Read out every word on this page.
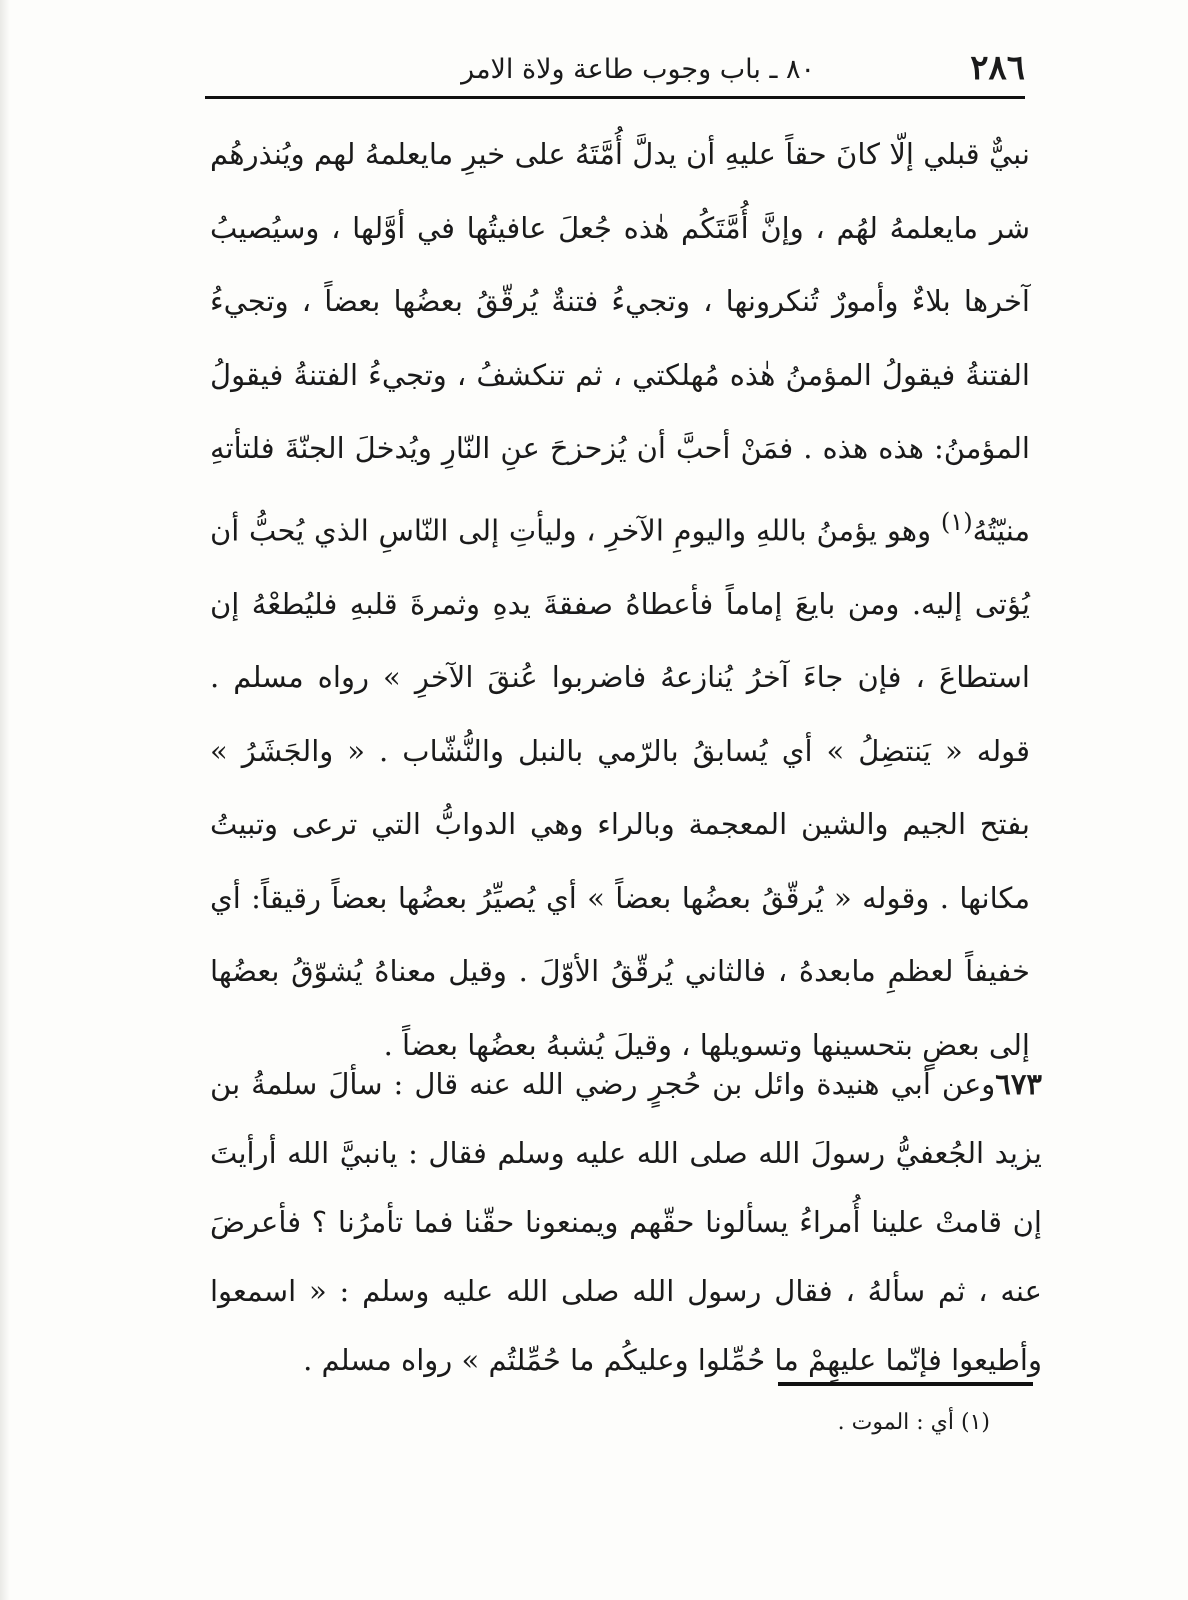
٢٨٦
٨٠ ـ باب وجوب طاعة ولاة الامر

نبيٌّ قبلي إلّا كانَ حقاً عليهِ أن يدلَّ أُمَّتَهُ على خيرِ مايعلمهُ لهم ويُنذرهُم شر مايعلمهُ لهُم ، وإنَّ أُمَّتَكُم هٰذه جُعلَ عافيتُها في أوَّلها ، وسيُصيبُ آخرها بلاءٌ وأمورٌ تُنكرونها ، وتجيءُ فتنةٌ يُرقّقُ بعضُها بعضاً ، وتجيءُ الفتنةُ فيقولُ المؤمنُ هٰذه مُهلكتي ، ثم تنكشفُ ، وتجيءُ الفتنةُ فيقولُ المؤمنُ: هذه هذه . فمَنْ أحبَّ أن يُزحزحَ عنِ النّارِ ويُدخلَ الجنّةَ فلتأتهِ منيّتُهُ$^{(١)}$ وهو يؤمنُ باللهِ واليومِ الآخرِ ، وليأتِ إلى النّاسِ الذي يُحبُّ أن يُؤتى إليه. ومن بايعَ إماماً فأعطاهُ صفقةَ يدهِ وثمرةَ قلبهِ فليُطعْهُ إن استطاعَ ، فإن جاءَ آخرُ يُنازعهُ فاضربوا عُنقَ الآخرِ » رواه مسلم . قوله « يَنتضِلُ » أي يُسابقُ بالرّمي بالنبل والنُّشّاب . « والجَشَرُ » بفتح الجيم والشين المعجمة وبالراء وهي الدوابُّ التي ترعى وتبيتُ مكانها . وقوله « يُرقّقُ بعضُها بعضاً » أي يُصيِّرُ بعضُها بعضاً رقيقاً: أي خفيفاً لعظمِ مابعدهُ ، فالثاني يُرقّقُ الأوّلَ . وقيل معناهُ يُشوّقُ بعضُها إلى بعضٍ بتحسينها وتسويلها ، وقيلَ يُشبهُ بعضُها بعضاً .

٦٧٣وعن أبي هنيدة وائل بن حُجرٍ رضي الله عنه قال : سألَ سلمةُ بن يزيد الجُعفيُّ رسولَ الله صلى الله عليه وسلم فقال : يانبيَّ الله أرأيتَ إن قامتْ علينا أُمراءُ يسألونا حقّهم ويمنعونا حقّنا فما تأمرُنا ؟ فأعرضَ عنه ، ثم سألهُ ، فقال رسول الله صلى الله عليه وسلم : « اسمعوا وأطيعوا فإنّما عليهِمْ ما حُمِّلوا وعليكُم ما حُمِّلتُم » رواه مسلم .

(١) أي : الموت .
